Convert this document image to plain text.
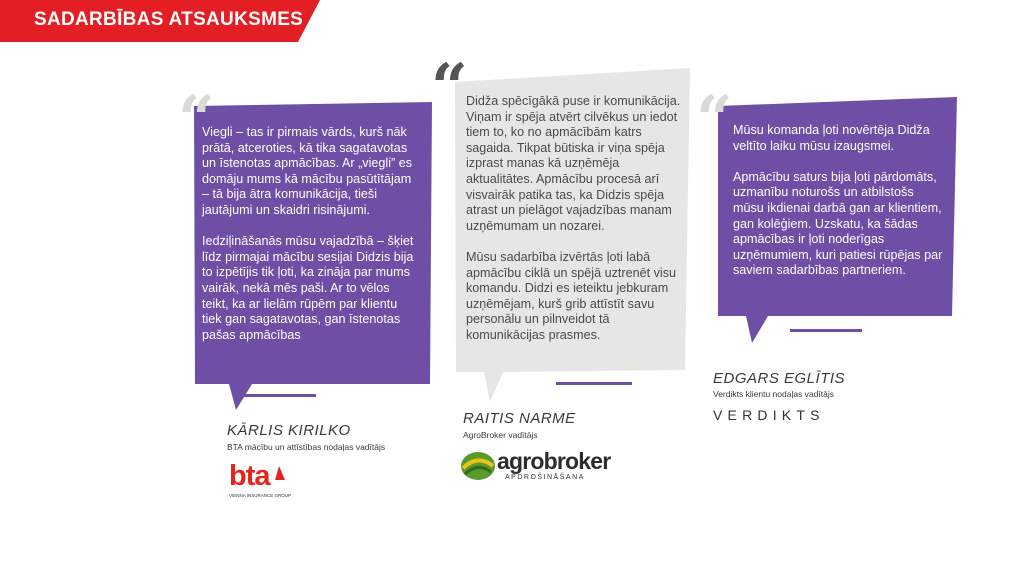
SADARBĪBAS ATSAUKSMES
“	“	“

Viegli – tas ir pirmais vārds, kurš nāk prātā, atceroties, kā tika sagatavotas un īstenotas apmācības. Ar „viegli” es domāju mums kā mācību pasūtītājam – tā bija ātra komunikācija, tieši jautājumi un skaidri risinājumi.

Iedziļināšanās mūsu vajadzībā – šķiet līdz pirmajai mācību sesijai Didzis bija to izpētījis tik ļoti, ka zināja par mums vairāk, nekā mēs paši. Ar to vēlos teikt, ka ar lielām rūpēm par klientu tiek gan sagatavotas, gan īstenotas pašas apmācības

Didža spēcīgākā puse ir komunikācija. Viņam ir spēja atvērt cilvēkus un iedot tiem to, ko no apmācībām katrs sagaida. Tikpat būtiska ir viņa spēja izprast manas kā uzņēmēja aktualitātes. Apmācību procesā arī visvairāk patika tas, ka Didzis spēja atrast un pielāgot vajadzības manam uzņēmumam un nozarei.

Mūsu sadarbība izvērtās ļoti labā apmācību ciklā un spējā uztrenēt visu komandu. Didzi es ieteiktu jebkuram uzņēmējam, kurš grib attīstīt savu personālu un pilnveidot tā komunikācijas prasmes.

Mūsu komanda ļoti novērtēja Didža veltīto laiku mūsu izaugsmei.

Apmācību saturs bija ļoti pārdomāts, uzmanību noturošs un atbilstošs mūsu ikdienai darbā gan ar klientiem, gan kolēģiem. Uzskatu, ka šādas apmācības ir ļoti noderīgas uzņēmumiem, kuri patiesi rūpējas par saviem sadarbības partneriem.

KĀRLIS KIRILKO
BTA mācību un attīstības nodaļas vadītājs
RAITIS NARME
AgroBroker vadītājs
EDGARS EGLĪTIS
Verdikts klientu nodaļas vadītājs
bta
VIENNA INSURANCE GROUP
agrobroker
APDROŠINĀŠANA
VERDIKTS
